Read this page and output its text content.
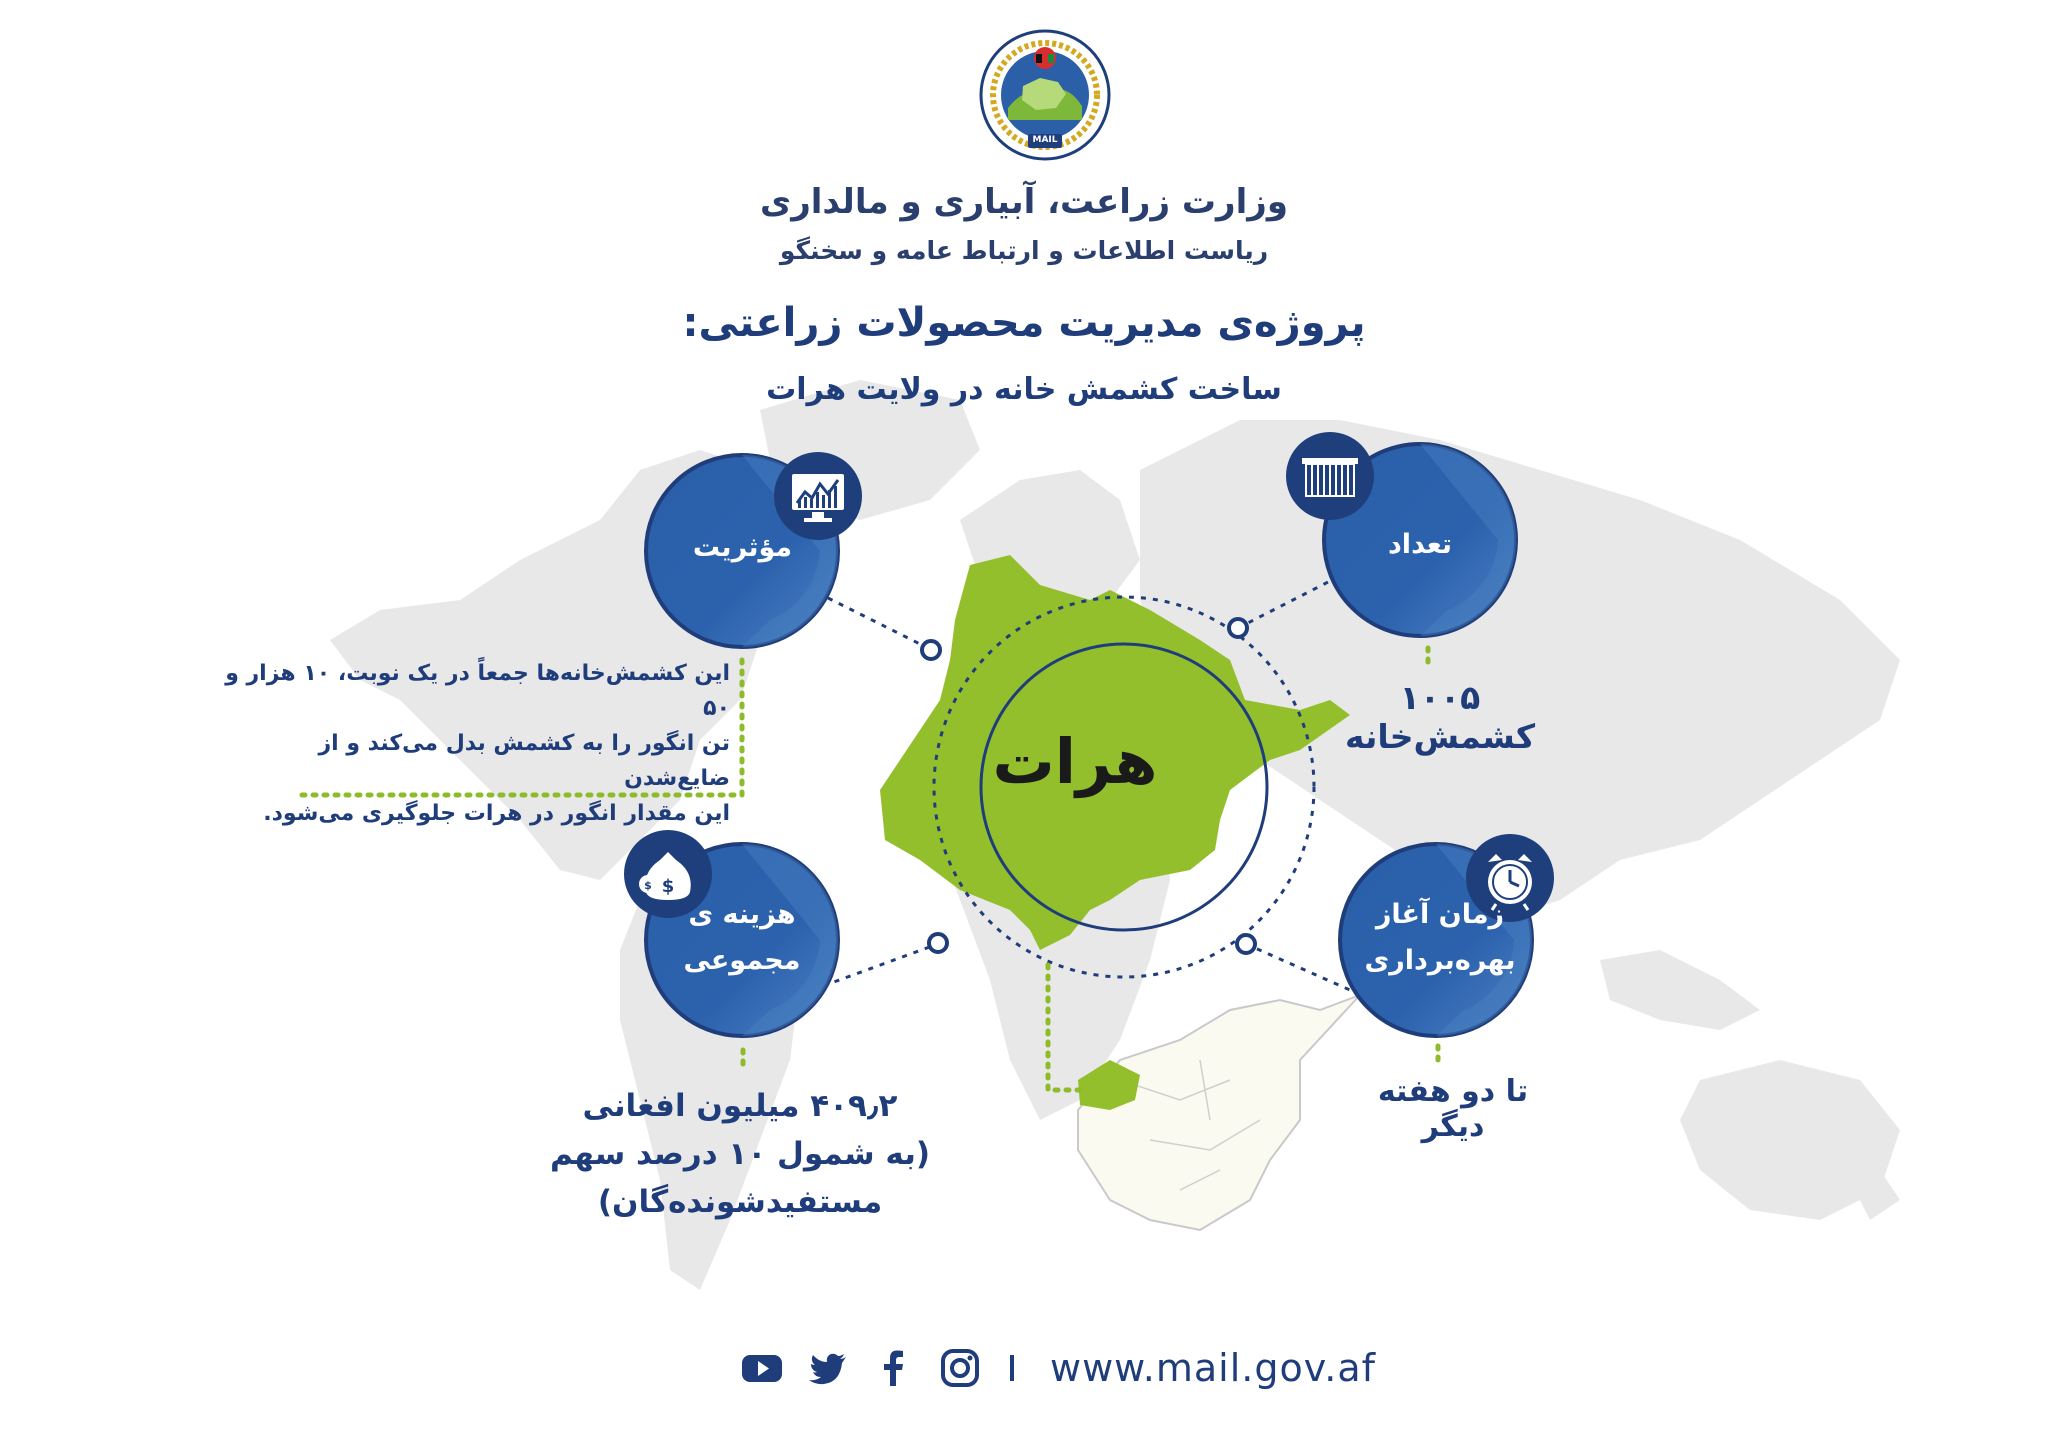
MAIL
وزارت زراعت، آبیاری و مالداری
ریاست اطلاعات و ارتباط عامه و سخنگو
پروژه‌ی مدیریت محصولات زراعتی:
ساخت کشمش خانه در ولایت هرات
$
$
مؤثریت	تعداد
هزینه ی
مجموعی
زمان آغاز
بهره‌برداری
هرات
این کشمش‌خانه‌ها جمعاً در یک نوبت، ۱۰ هزار و ۵۰
تن انگور را به کشمش بدل می‌کند و از ضایع‌شدن
این مقدار انگور در هرات جلوگیری می‌شود.
۱۰۰۵ کشمش‌خانه
۴۰۹٫۲ میلیون افغانی
(به شمول ۱۰ درصد سهم مستفیدشونده‌گان)
تا دو هفته دیگر
www.mail.gov.af
